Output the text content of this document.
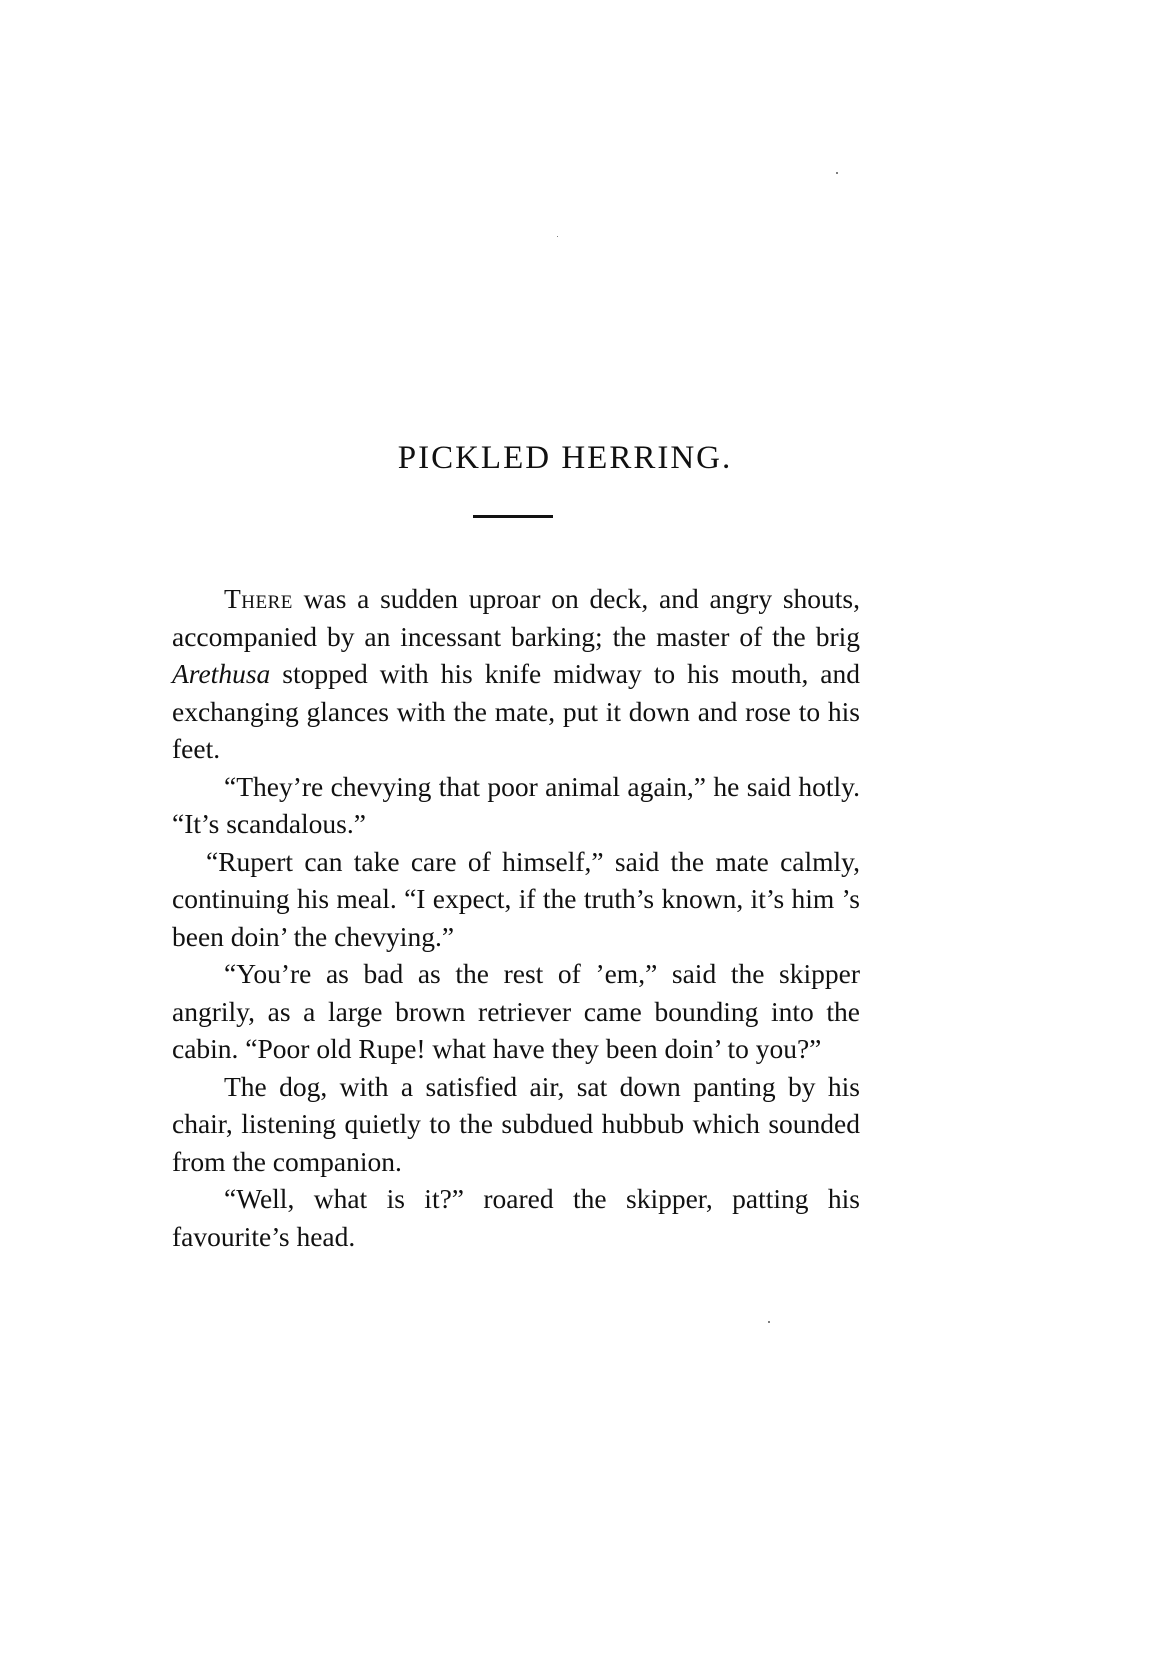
PICKLED HERRING.

There was a sudden uproar on deck, and angry shouts, accompanied by an incessant barking; the master of the brig Arethusa stopped with his knife midway to his mouth, and exchanging glances with the mate, put it down and rose to his feet.

“They’re chevying that poor animal again,” he said hotly. “It’s scandalous.”

“Rupert can take care of himself,” said the mate calmly, continuing his meal. “I expect, if the truth’s known, it’s him ’s been doin’ the chevying.”

“You’re as bad as the rest of ’em,” said the skipper angrily, as a large brown retriever came bounding into the cabin. “Poor old Rupe! what have they been doin’ to you?”

The dog, with a satisfied air, sat down panting by his chair, listening quietly to the subdued hubbub which sounded from the companion.

“Well, what is it?” roared the skipper, patting his favourite’s head.
